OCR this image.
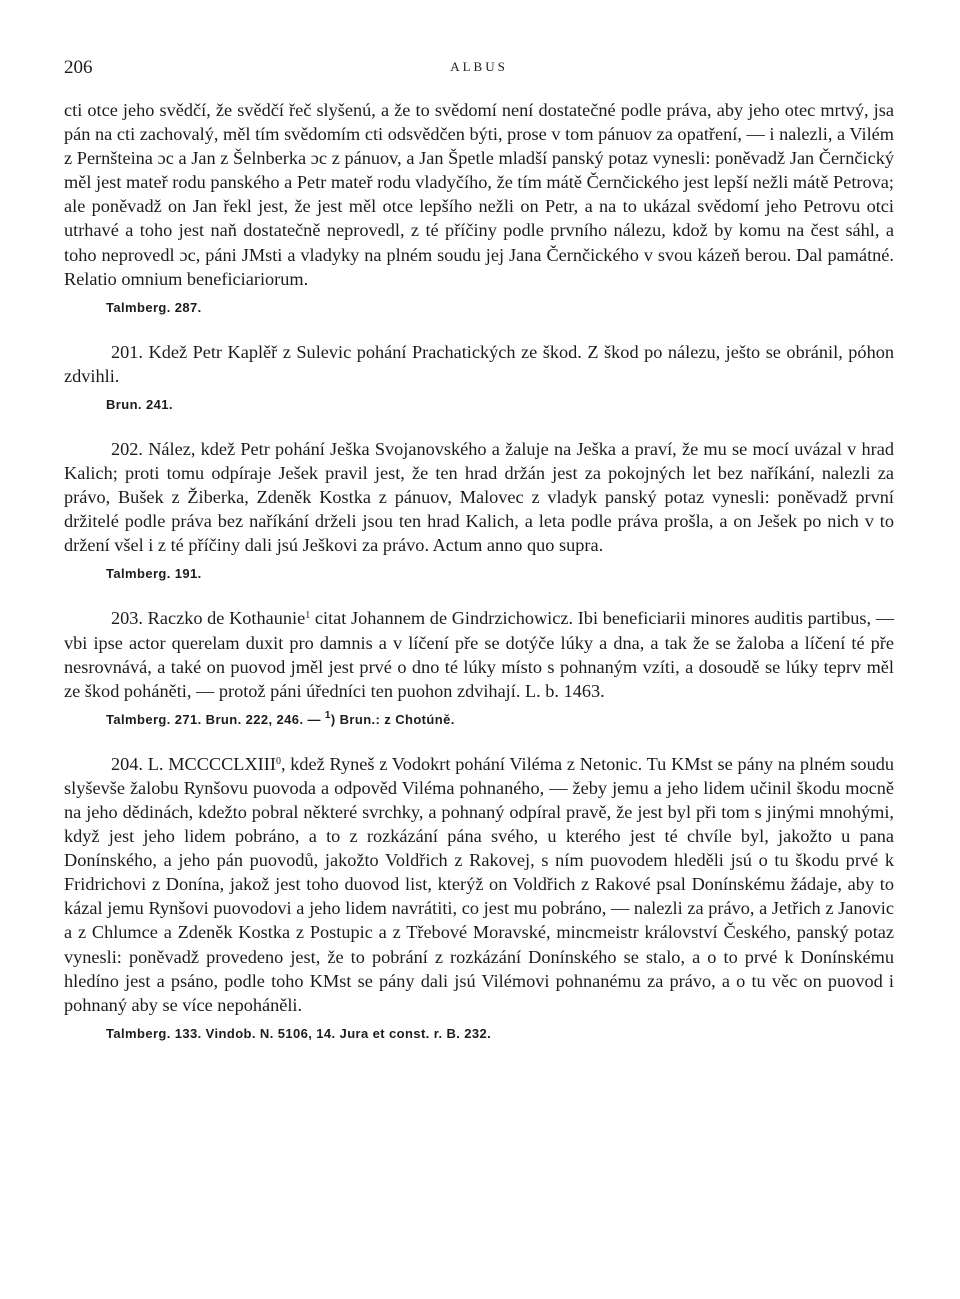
206	ALBUS

cti otce jeho svědčí, že svědčí řeč slyšenú, a že to svědomí není dostatečné podle práva, aby jeho otec mrtvý, jsa pán na cti zachovalý, měl tím svědomím cti odsvědčen býti, prose v tom pánuov za opatření, — i nalezli, a Vilém z Pernšteina ɔc a Jan z Šelnberka ɔc z pánuov, a Jan Špetle mladší panský potaz vynesli: poněvadž Jan Černčický měl jest mateř rodu panského a Petr mateř rodu vladyčího, že tím mátě Černčického jest lepší nežli mátě Petrova; ale poněvadž on Jan řekl jest, že jest měl otce lepšího nežli on Petr, a na to ukázal svědomí jeho Petrovu otci utrhavé a toho jest naň dostatečně neprovedl, z té příčiny podle prvního nálezu, kdož by komu na čest sáhl, a toho neprovedl ɔc, páni JMsti a vladyky na plném soudu jej Jana Černčického v svou kázeň berou. Dal památné. Relatio omnium beneficiariorum.

Talmberg. 287.

201. Kdež Petr Kaplěř z Sulevic pohání Prachatických ze škod. Z škod po nálezu, ješto se obránil, póhon zdvihli.

Brun. 241.

202. Nález, kdež Petr pohání Ješka Svojanovského a žaluje na Ješka a praví, že mu se mocí uvázal v hrad Kalich; proti tomu odpíraje Ješek pravil jest, že ten hrad držán jest za pokojných let bez naříkání, nalezli za právo, Bušek z Žiberka, Zdeněk Kostka z pánuov, Malovec z vladyk panský potaz vynesli: poněvadž první držitelé podle práva bez naříkání drželi jsou ten hrad Kalich, a leta podle práva prošla, a on Ješek po nich v to držení všel i z té příčiny dali jsú Ješkovi za právo. Actum anno quo supra.

Talmberg. 191.

203. Raczko de Kothaunie$^1$ citat Johannem de Gindrzichowicz. Ibi beneficiarii minores auditis partibus, — vbi ipse actor querelam duxit pro damnis a v líčení pře se dotýče lúky a dna, a tak že se žaloba a líčení té pře nesrovnává, a také on puovod jměl jest prvé o dno té lúky místo s pohnaným vzíti, a dosoudě se lúky teprv měl ze škod poháněti, — protož páni úředníci ten puohon zdvihají. L. b. 1463.

Talmberg. 271. Brun. 222, 246. — $^1$) Brun.: z Chotúně.

204. L. MCCCCLXIII$^0$, kdež Ryneš z Vodokrt pohání Viléma z Netonic. Tu KMst se pány na plném soudu slyševše žalobu Rynšovu puovoda a odpověd Viléma pohnaného, — žeby jemu a jeho lidem učinil škodu mocně na jeho dědinách, kdežto pobral některé svrchky, a pohnaný odpíral pravě, že jest byl při tom s jinými mnohými, když jest jeho lidem pobráno, a to z rozkázání pána svého, u kterého jest té chvíle byl, jakožto u pana Donínského, a jeho pán puovodů, jakožto Voldřich z Rakovej, s ním puovodem hleděli jsú o tu škodu prvé k Fridrichovi z Donína, jakož jest toho duovod list, kterýž on Voldřich z Rakové psal Donínskému žádaje, aby to kázal jemu Rynšovi puovodovi a jeho lidem navrátiti, co jest mu pobráno, — nalezli za právo, a Jetřich z Janovic a z Chlumce a Zdeněk Kostka z Postupic a z Třebové Moravské, mincmeistr království Českého, panský potaz vynesli: poněvadž provedeno jest, že to pobrání z rozkázání Donínského se stalo, a o to prvé k Donínskému hledíno jest a psáno, podle toho KMst se pány dali jsú Vilémovi pohnanému za právo, a o tu věc on puovod i pohnaný aby se více nepoháněli.

Talmberg. 133. Vindob. N. 5106, 14. Jura et const. r. B. 232.
